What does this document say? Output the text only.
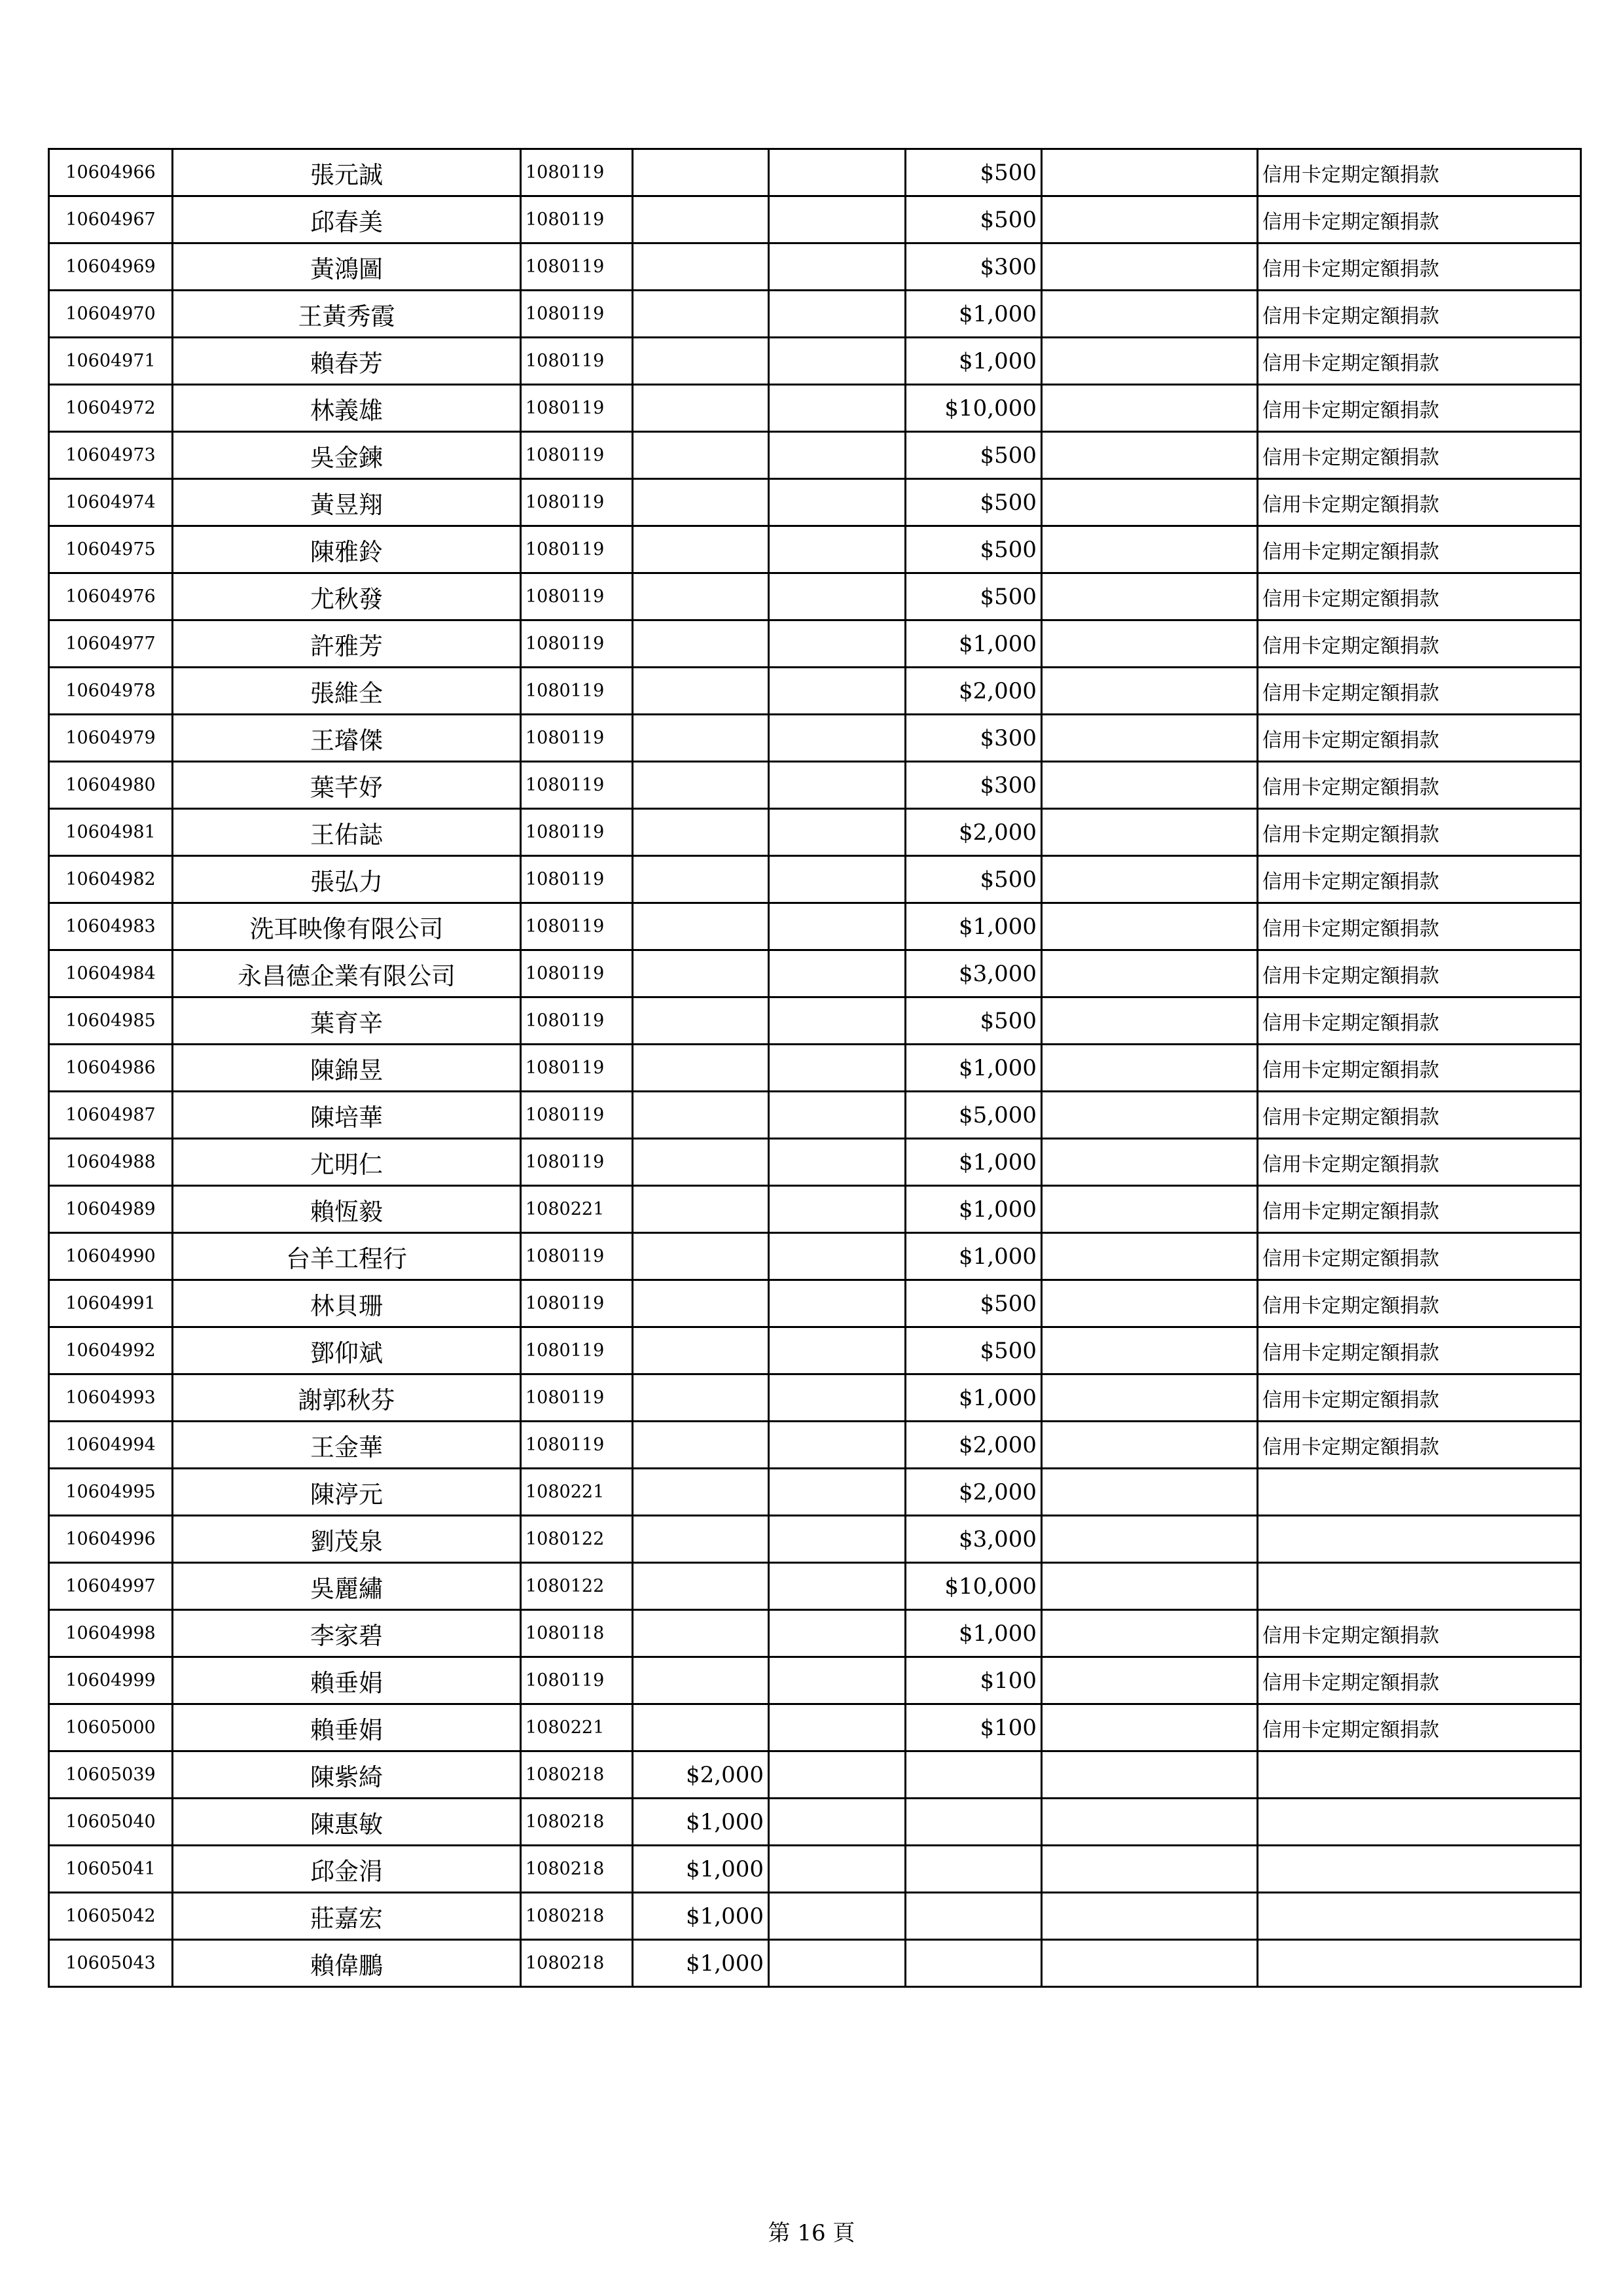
10604966	張元誠	1080119			$500		信用卡定期定額捐款
10604967	邱春美	1080119			$500		信用卡定期定額捐款
10604969	黃鴻圖	1080119			$300		信用卡定期定額捐款
10604970	王黃秀霞	1080119			$1,000		信用卡定期定額捐款
10604971	賴春芳	1080119			$1,000		信用卡定期定額捐款
10604972	林義雄	1080119			$10,000		信用卡定期定額捐款
10604973	吳金鍊	1080119			$500		信用卡定期定額捐款
10604974	黃昱翔	1080119			$500		信用卡定期定額捐款
10604975	陳雅鈴	1080119			$500		信用卡定期定額捐款
10604976	尤秋發	1080119			$500		信用卡定期定額捐款
10604977	許雅芳	1080119			$1,000		信用卡定期定額捐款
10604978	張維全	1080119			$2,000		信用卡定期定額捐款
10604979	王璿傑	1080119			$300		信用卡定期定額捐款
10604980	葉芊妤	1080119			$300		信用卡定期定額捐款
10604981	王佑誌	1080119			$2,000		信用卡定期定額捐款
10604982	張弘力	1080119			$500		信用卡定期定額捐款
10604983	洗耳映像有限公司	1080119			$1,000		信用卡定期定額捐款
10604984	永昌德企業有限公司	1080119			$3,000		信用卡定期定額捐款
10604985	葉育辛	1080119			$500		信用卡定期定額捐款
10604986	陳錦昱	1080119			$1,000		信用卡定期定額捐款
10604987	陳培華	1080119			$5,000		信用卡定期定額捐款
10604988	尤明仁	1080119			$1,000		信用卡定期定額捐款
10604989	賴恆毅	1080221			$1,000		信用卡定期定額捐款
10604990	台羊工程行	1080119			$1,000		信用卡定期定額捐款
10604991	林貝珊	1080119			$500		信用卡定期定額捐款
10604992	鄧仰斌	1080119			$500		信用卡定期定額捐款
10604993	謝郭秋芬	1080119			$1,000		信用卡定期定額捐款
10604994	王金華	1080119			$2,000		信用卡定期定額捐款
10604995	陳渟元	1080221			$2,000		
10604996	劉茂泉	1080122			$3,000		
10604997	吳麗繡	1080122			$10,000		
10604998	李家碧	1080118			$1,000		信用卡定期定額捐款
10604999	賴垂娟	1080119			$100		信用卡定期定額捐款
10605000	賴垂娟	1080221			$100		信用卡定期定額捐款
10605039	陳紫綺	1080218	$2,000				
10605040	陳惠敏	1080218	$1,000				
10605041	邱金涓	1080218	$1,000				
10605042	莊嘉宏	1080218	$1,000				
10605043	賴偉鵬	1080218	$1,000				
第 16 頁
